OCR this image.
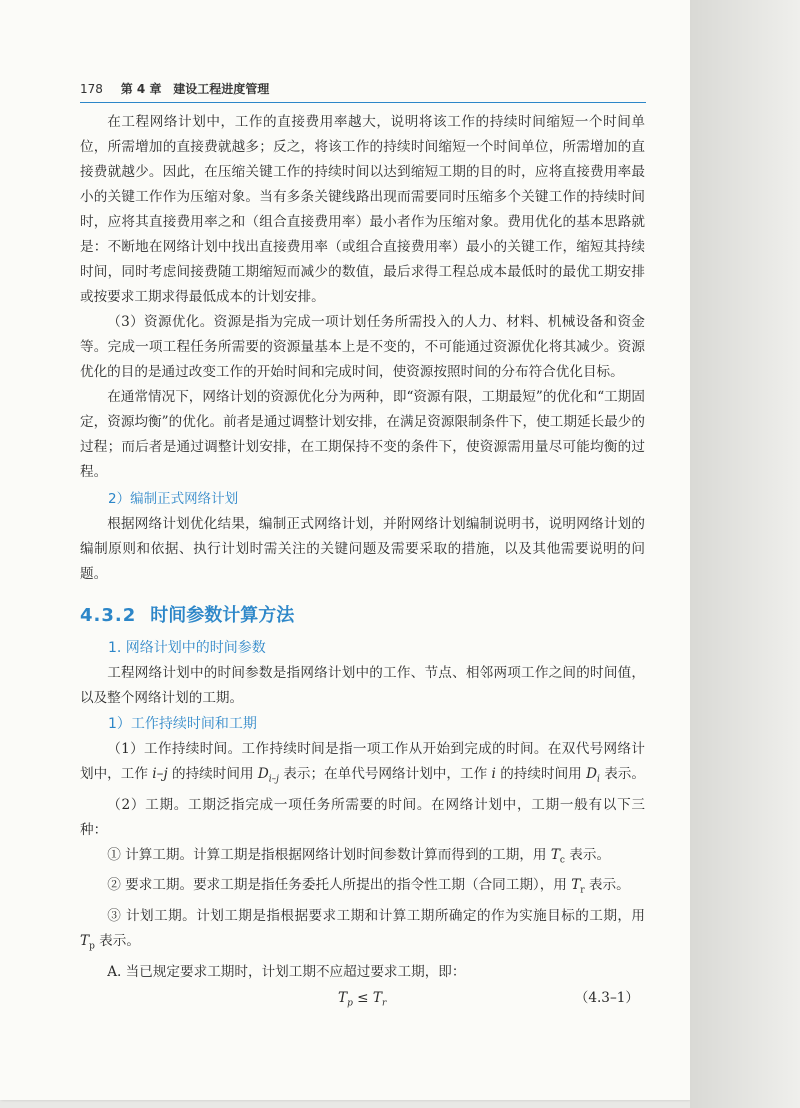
178 第 4 章 建设工程进度管理

在工程网络计划中，工作的直接费用率越大，说明将该工作的持续时间缩短一个时间单位，所需增加的直接费就越多；反之，将该工作的持续时间缩短一个时间单位，所需增加的直接费就越少。因此，在压缩关键工作的持续时间以达到缩短工期的目的时，应将直接费用率最小的关键工作作为压缩对象。当有多条关键线路出现而需要同时压缩多个关键工作的持续时间时，应将其直接费用率之和（组合直接费用率）最小者作为压缩对象。费用优化的基本思路就是：不断地在网络计划中找出直接费用率（或组合直接费用率）最小的关键工作，缩短其持续时间，同时考虑间接费随工期缩短而减少的数值，最后求得工程总成本最低时的最优工期安排或按要求工期求得最低成本的计划安排。

（3）资源优化。资源是指为完成一项计划任务所需投入的人力、材料、机械设备和资金等。完成一项工程任务所需要的资源量基本上是不变的，不可能通过资源优化将其减少。资源优化的目的是通过改变工作的开始时间和完成时间，使资源按照时间的分布符合优化目标。

在通常情况下，网络计划的资源优化分为两种，即“资源有限，工期最短”的优化和“工期固定，资源均衡”的优化。前者是通过调整计划安排，在满足资源限制条件下，使工期延长最少的过程；而后者是通过调整计划安排，在工期保持不变的条件下，使资源需用量尽可能均衡的过程。

2）编制正式网络计划

根据网络计划优化结果，编制正式网络计划，并附网络计划编制说明书，说明网络计划的编制原则和依据、执行计划时需关注的关键问题及需要采取的措施，以及其他需要说明的问题。

4.3.2 时间参数计算方法
1. 网络计划中的时间参数

工程网络计划中的时间参数是指网络计划中的工作、节点、相邻两项工作之间的时间值，以及整个网络计划的工期。

1）工作持续时间和工期

（1）工作持续时间。工作持续时间是指一项工作从开始到完成的时间。在双代号网络计划中，工作 i–j 的持续时间用 $D_{i-j}$ 表示；在单代号网络计划中，工作 i 的持续时间用 $D_i$ 表示。

（2）工期。工期泛指完成一项任务所需要的时间。在网络计划中，工期一般有以下三种：

① 计算工期。计算工期是指根据网络计划时间参数计算而得到的工期，用 $T_c$ 表示。

② 要求工期。要求工期是指任务委托人所提出的指令性工期（合同工期），用 $T_r$ 表示。

③ 计划工期。计划工期是指根据要求工期和计算工期所确定的作为实施目标的工期，用 $T_p$ 表示。

A. 当已规定要求工期时，计划工期不应超过要求工期，即：

$T_p \le T_r$	（4.3–1）
